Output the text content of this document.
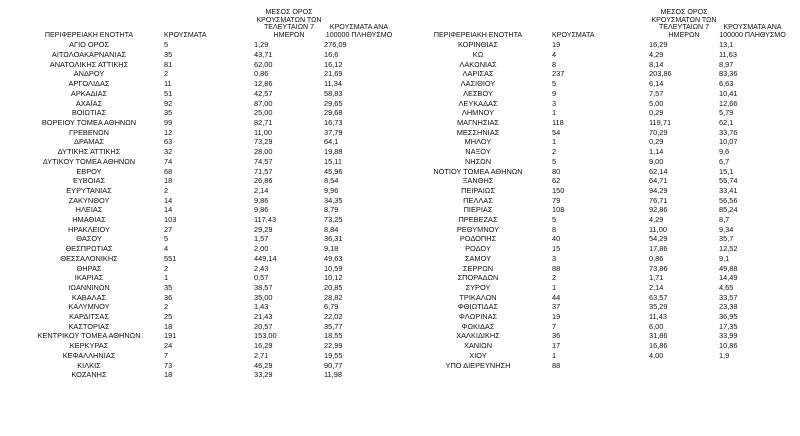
ΠΕΡΙΦΕΡΕΙΑΚΗ ΕΝΟΤΗΤΑ	ΚΡΟΥΣΜΑΤΑ	ΜΕΣΟΣ ΟΡΟΣ ΚΡΟΥΣΜΑΤΩΝ ΤΩΝ ΤΕΛΕΥΤΑΙΩΝ 7 ΗΜΕΡΩΝ	ΚΡΟΥΣΜΑΤΑ ΑΝΑ 100000 ΠΛΗΘΥΣΜΟ
ΑΓΙΟ ΟΡΟΣ	5	1,29	276,09
ΑΙΤΩΛΟΑΚΑΡΝΑΝΙΑΣ	35	43,71	16,6
ΑΝΑΤΟΛΙΚΗΣ ΑΤΤΙΚΗΣ	81	62,00	16,12
ΑΝΔΡΟΥ	2	0,86	21,69
ΑΡΓΟΛΙΔΑΣ	11	12,86	11,34
ΑΡΚΑΔΙΑΣ	51	42,57	58,83
ΑΧΑΪΑΣ	92	87,00	29,65
ΒΟΙΩΤΙΑΣ	35	25,00	29,68
ΒΟΡΕΙΟΥ ΤΟΜΕΑ ΑΘΗΝΩΝ	99	82,71	16,73
ΓΡΕΒΕΝΩΝ	12	11,00	37,79
ΔΡΑΜΑΣ	63	73,29	64,1
ΔΥΤΙΚΗΣ ΑΤΤΙΚΗΣ	32	28,00	19,88
ΔΥΤΙΚΟΥ ΤΟΜΕΑ ΑΘΗΝΩΝ	74	74,57	15,11
ΕΒΡΟΥ	68	71,57	45,96
ΕΥΒΟΙΑΣ	18	26,86	8,54
ΕΥΡΥΤΑΝΙΑΣ	2	2,14	9,96
ΖΑΚΥΝΘΟΥ	14	9,86	34,35
ΗΛΕΙΑΣ	14	9,86	8,79
ΗΜΑΘΙΑΣ	103	117,43	73,25
ΗΡΑΚΛΕΙΟΥ	27	29,29	8,84
ΘΑΣΟΥ	5	1,57	36,31
ΘΕΣΠΡΩΤΙΑΣ	4	2,00	9,18
ΘΕΣΣΑΛΟΝΙΚΗΣ	551	449,14	49,63
ΘΗΡΑΣ	2	2,43	10,59
ΙΚΑΡΙΑΣ	1	0,57	10,12
ΙΩΑΝΝΙΝΩΝ	35	38,57	20,85
ΚΑΒΑΛΑΣ	36	35,00	28,82
ΚΑΛΥΜΝΟΥ	2	1,43	6,79
ΚΑΡΔΙΤΣΑΣ	25	21,43	22,02
ΚΑΣΤΟΡΙΑΣ	18	20,57	35,77
ΚΕΝΤΡΙΚΟΥ ΤΟΜΕΑ ΑΘΗΝΩΝ	191	153,00	18,55
ΚΕΡΚΥΡΑΣ	24	16,29	22,99
ΚΕΦΑΛΛΗΝΙΑΣ	7	2,71	19,55
ΚΙΛΚΙΣ	73	46,29	90,77
ΚΟΖΑΝΗΣ	18	33,29	11,98
ΠΕΡΙΦΕΡΕΙΑΚΗ ΕΝΟΤΗΤΑ	ΚΡΟΥΣΜΑΤΑ	ΜΕΣΟΣ ΟΡΟΣ ΚΡΟΥΣΜΑΤΩΝ ΤΩΝ ΤΕΛΕΥΤΑΙΩΝ 7 ΗΜΕΡΩΝ	ΚΡΟΥΣΜΑΤΑ ΑΝΑ 100000 ΠΛΗΘΥΣΜΟ
ΚΟΡΙΝΘΙΑΣ	19	16,29	13,1
ΚΩ	4	4,29	11,63
ΛΑΚΩΝΙΑΣ	8	8,14	8,97
ΛΑΡΙΣΑΣ	237	203,86	83,36
ΛΑΣΙΘΙΟΥ	5	6,14	6,63
ΛΕΣΒΟΥ	9	7,57	10,41
ΛΕΥΚΑΔΑΣ	3	5,00	12,66
ΛΗΜΝΟΥ	1	0,29	5,79
ΜΑΓΝΗΣΙΑΣ	118	119,71	62,1
ΜΕΣΣΗΝΙΑΣ	54	70,29	33,76
ΜΗΛΟΥ	1	0,29	10,07
ΝΑΞΟΥ	2	1,14	9,6
ΝΗΣΩΝ	5	9,00	6,7
ΝΟΤΙΟΥ ΤΟΜΕΑ ΑΘΗΝΩΝ	80	62,14	15,1
ΞΑΝΘΗΣ	62	64,71	55,74
ΠΕΙΡΑΙΩΣ	150	94,29	33,41
ΠΕΛΛΑΣ	79	76,71	56,56
ΠΙΕΡΙΑΣ	108	92,86	85,24
ΠΡΕΒΕΖΑΣ	5	4,29	8,7
ΡΕΘΥΜΝΟΥ	8	11,00	9,34
ΡΟΔΟΠΗΣ	40	54,29	35,7
ΡΟΔΟΥ	15	17,86	12,52
ΣΑΜΟΥ	3	0,86	9,1
ΣΕΡΡΩΝ	88	73,86	49,88
ΣΠΟΡΑΔΩΝ	2	1,71	14,49
ΣΥΡΟΥ	1	2,14	4,65
ΤΡΙΚΑΛΩΝ	44	63,57	33,57
ΦΘΙΩΤΙΔΑΣ	37	35,29	23,38
ΦΛΩΡΙΝΑΣ	19	11,43	36,95
ΦΩΚΙΔΑΣ	7	6,00	17,35
ΧΑΛΚΙΔΙΚΗΣ	36	31,86	33,99
ΧΑΝΙΩΝ	17	16,86	10,86
ΧΙΟΥ	1	4,00	1,9
ΥΠΟ ΔΙΕΡΕΥΝΗΣΗ	88		
